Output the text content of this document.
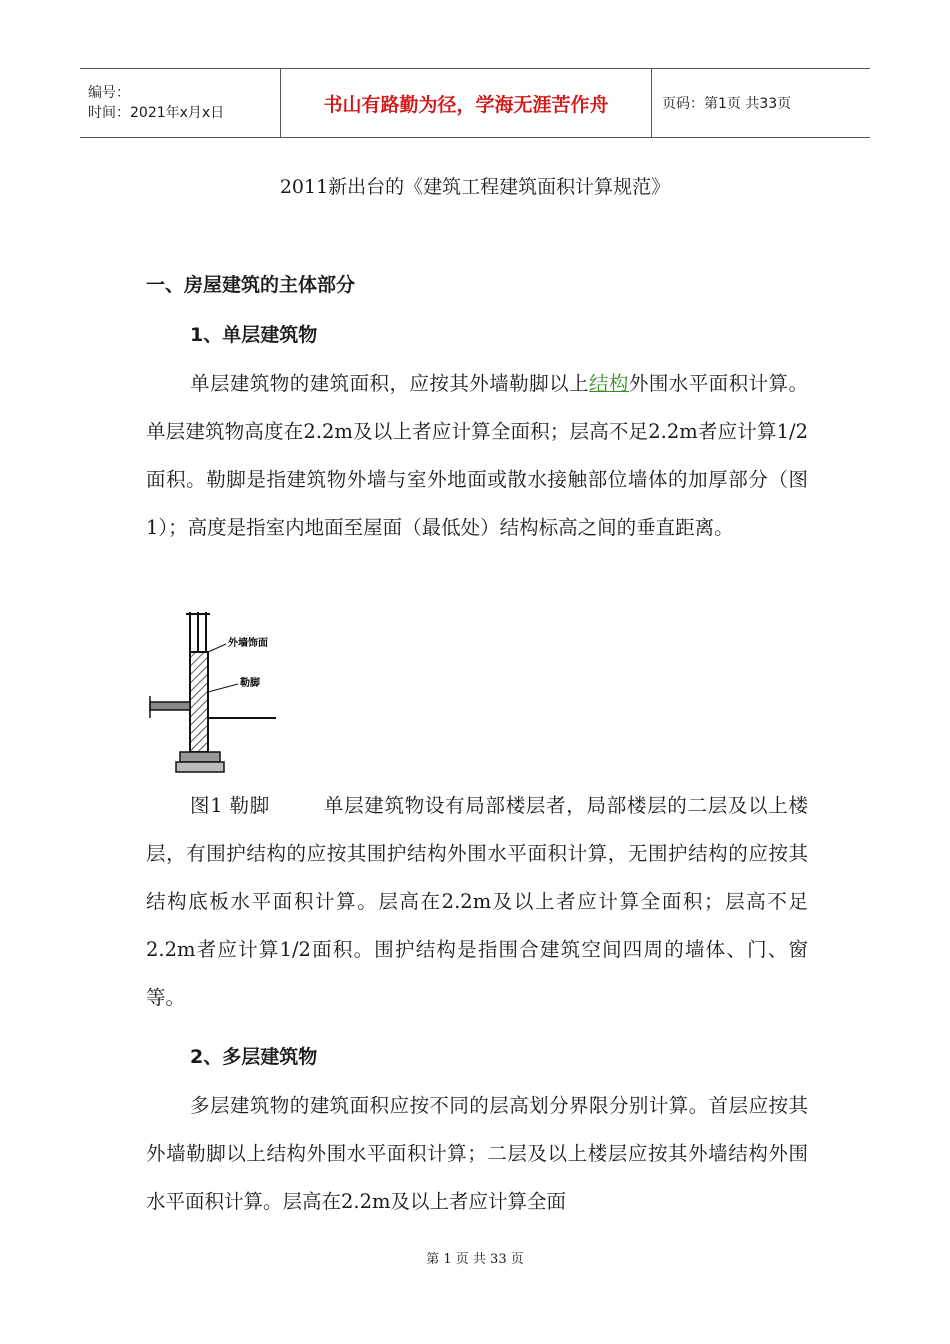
编号：
时间：2021年x月x日	书山有路勤为径，学海无涯苦作舟	页码：第1页 共33页
2011新出台的《建筑工程建筑面积计算规范》
一、房屋建筑的主体部分
1、单层建筑物
单层建筑物的建筑面积，应按其外墙勒脚以上结构外围水平面积计算。单层建筑物高度在2.2m及以上者应计算全面积；层高不足2.2m者应计算1/2面积。勒脚是指建筑物外墙与室外地面或散水接触部位墙体的加厚部分（图1）；高度是指室内地面至屋面（最低处）结构标高之间的垂直距离。
外墙饰面
勒脚
图1 勒脚	单层建筑物设有局部楼层者，局部楼层的二层及以上楼层，有围护结构的应按其围护结构外围水平面积计算，无围护结构的应按其结构底板水平面积计算。层高在2.2m及以上者应计算全面积；层高不足2.2m者应计算1/2面积。围护结构是指围合建筑空间四周的墙体、门、窗等。
2、多层建筑物
多层建筑物的建筑面积应按不同的层高划分界限分别计算。首层应按其外墙勒脚以上结构外围水平面积计算；二层及以上楼层应按其外墙结构外围水平面积计算。层高在2.2m及以上者应计算全面
第 1 页 共 33 页
